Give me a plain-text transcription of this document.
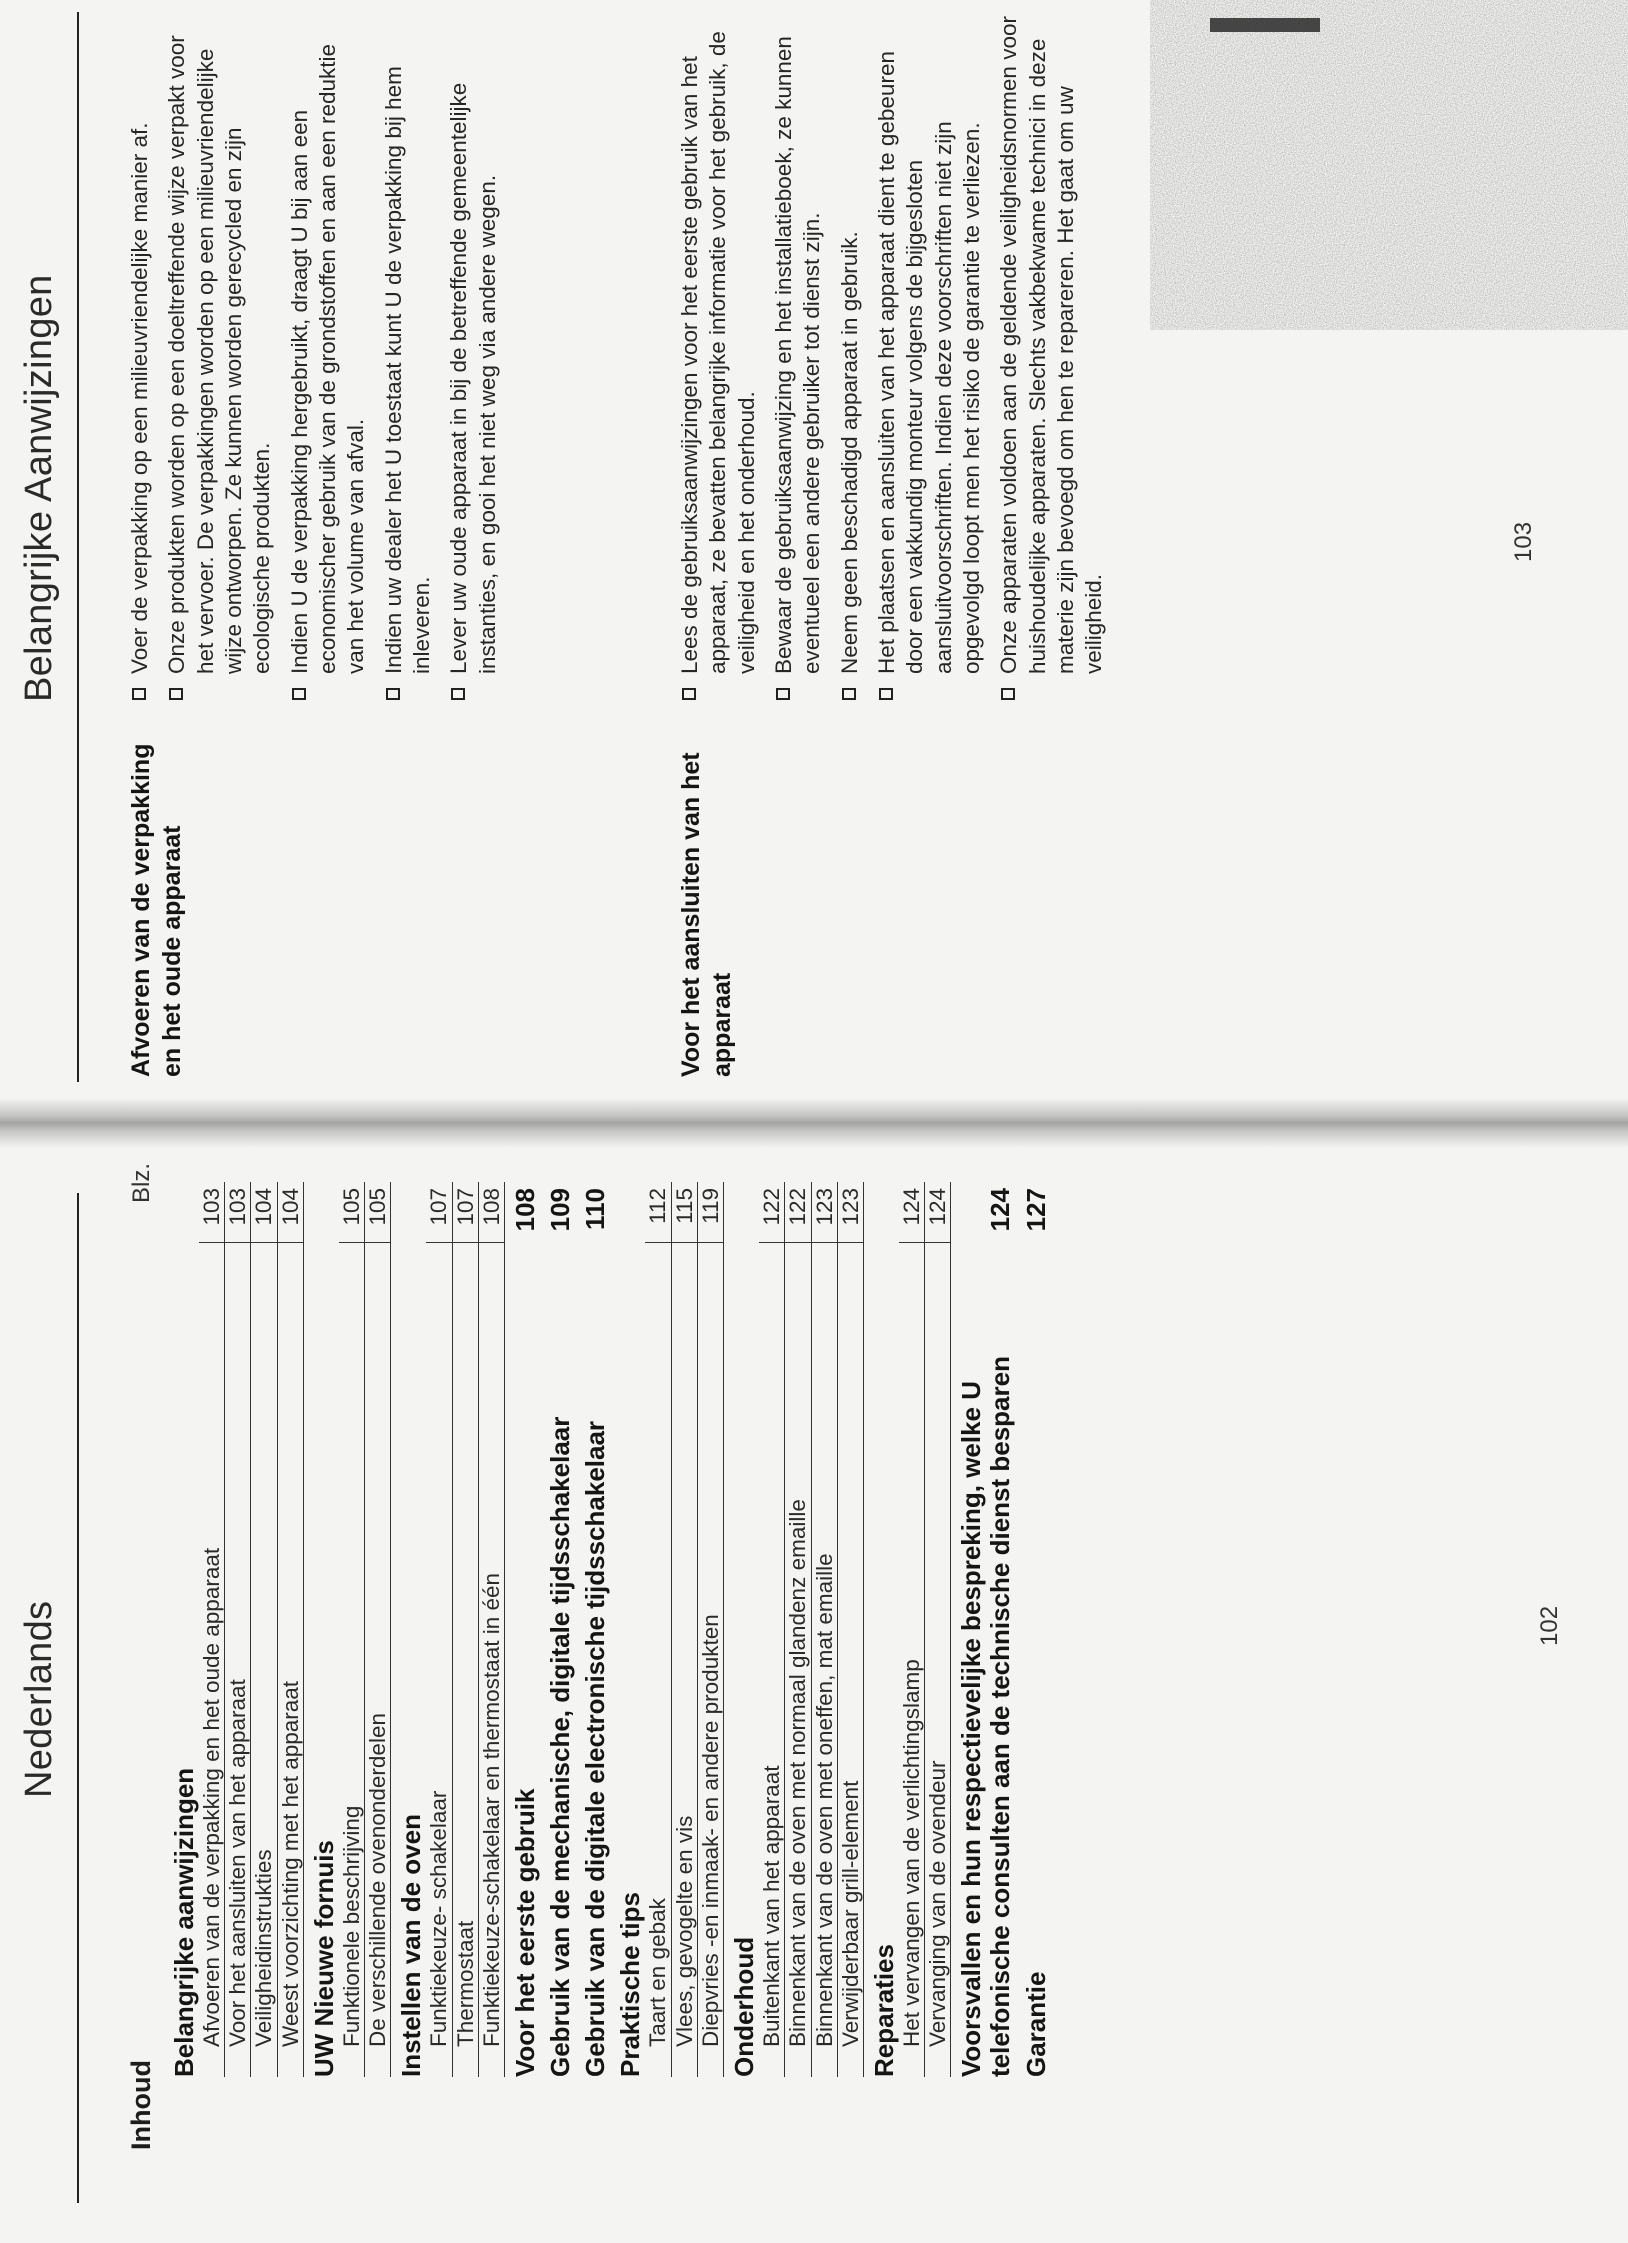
Nederlands
Inhoud
Blz.
Belangrijke aanwijzingen Afvoeren van de verpakking en het oude apparaat
103
Voor het aansluiten van het apparaat
103
Veiligheidinstrukties
104
Weest voorzichting met het apparaat
104
UW Nieuwe fornuis Funktionele beschrijving
105
De verschillende ovenonderdelen
105
Instellen van de oven Funktiekeuze- schakelaar
107
Thermostaat
107
Funktiekeuze-schakelaar en thermostaat in één
108
Voor het eerste gebruik
108
Gebruik van de mechanische, digitale tijdsschakelaar
109
Gebruik van de digitale electronische tijdsschakelaar
110
Praktische tips Taart en gebak
112
Vlees, gevogelte en vis
115
Diepvries -en inmaak- en andere produkten
119
Onderhoud Buitenkant van het apparaat
122
Binnenkant van de oven met normaal glandenz emaille
122
Binnenkant van de oven met oneffen, mat emaille
123
Verwijderbaar grill-element
123
Reparaties Het vervangen van de verlichtingslamp
124
Vervanging van de ovendeur
124
Voorsvallen en hun respectievelijke bespreking, welke U telefonische consulten aan de technische dienst besparen
124
Garantie
127
102
Belangrijke Aanwijzingen
Afvoeren van de verpakking en het oude apparaat
Voer de verpakking op een milieuvriendelijke manier af. Onze produkten worden op een doeltreffende wijze verpakt voor het vervoer. De verpakkingen worden op een milieuvriendelijke wijze ontworpen. Ze kunnen worden gerecycled en zijn ecologische produkten. Indien U de verpakking hergebruikt, draagt U bij aan een economischer gebruik van de grondstoffen en aan een reduktie van het volume van afval. Indien uw dealer het U toestaat kunt U de verpakking bij hem inleveren. Lever uw oude apparaat in bij de betreffende gemeentelijke instanties, en gooi het niet weg via andere wegen.
Voor het aansluiten van het apparaat
Lees de gebruiksaanwijzingen voor het eerste gebruik van het apparaat, ze bevatten belangrijke informatie voor het gebruik, de veiligheid en het onderhoud. Bewaar de gebruiksaanwijzing en het installatieboek, ze kunnen eventueel een andere gebruiker tot dienst zijn. Neem geen beschadigd apparaat in gebruik. Het plaatsen en aansluiten van het apparaat dient te gebeuren door een vakkundig monteur volgens de bijgesloten aansluitvoorschriften. Indien deze voorschriften niet zijn opgevolgd loopt men het risiko de garantie te verliezen. Onze apparaten voldoen aan de geldende veiligheidsnormen voor huishoudelijke apparaten. Slechts vakbekwame technici in deze materie zijn bevoegd om hen te repareren. Het gaat om uw veiligheid.
103
